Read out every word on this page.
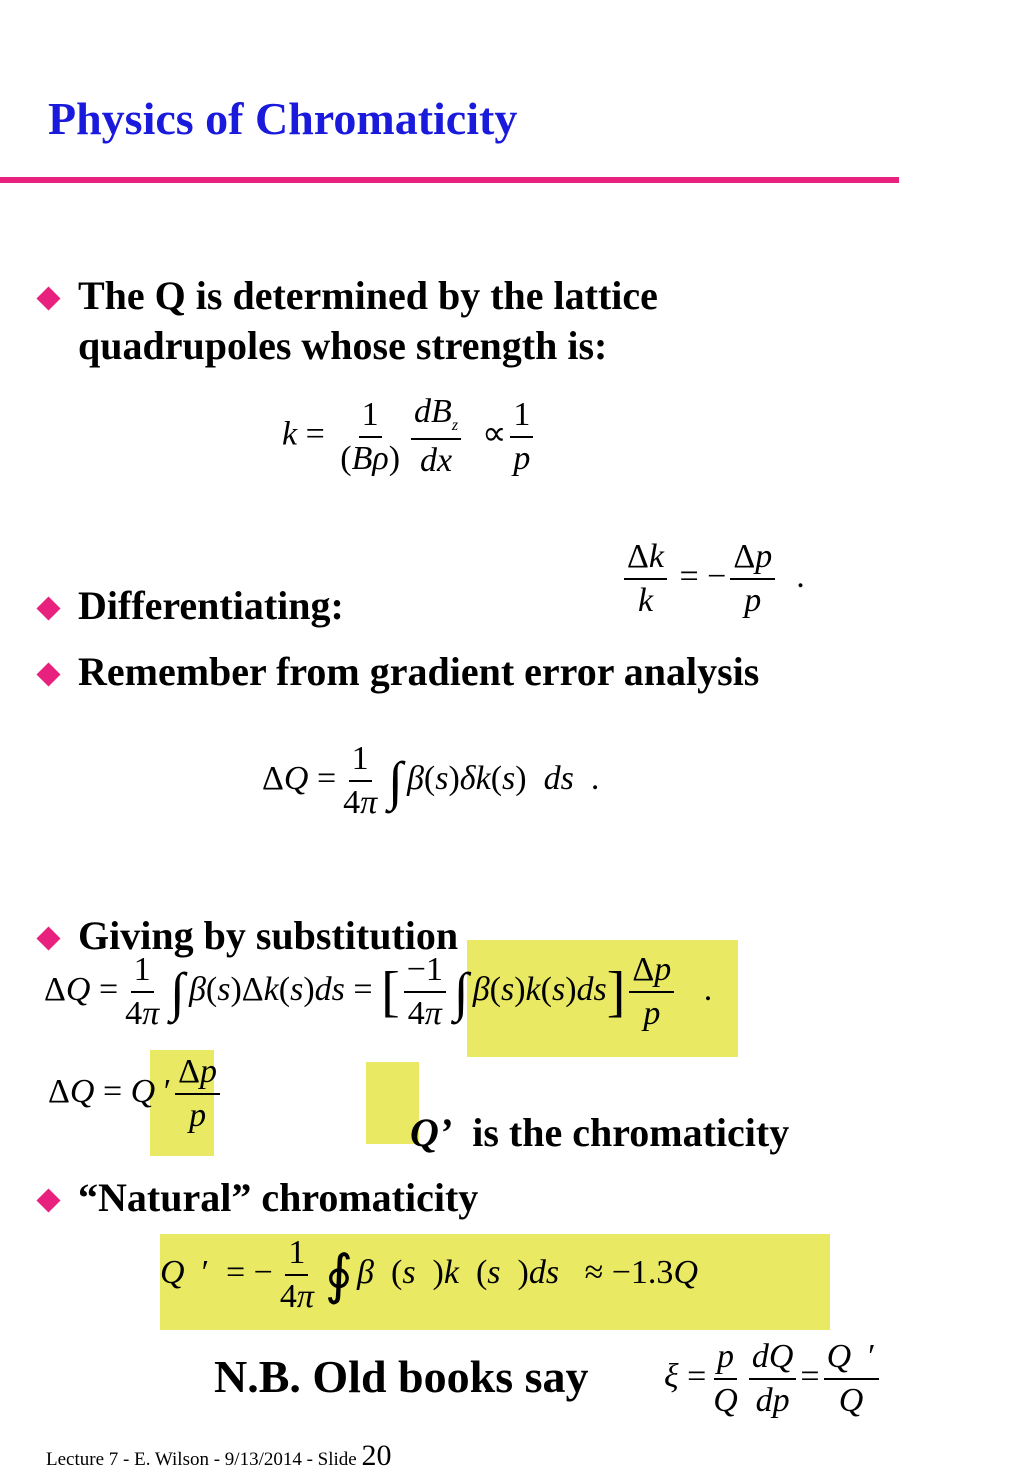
Physics of Chromaticity
The Q is determined by the lattice
quadrupoles whose strength is:
$k = \frac{1}{(B\rho)} \frac{dB_z}{dx} \propto \frac{1}{p}$
Differentiating:	$\frac{\Delta k}{k}$ = − $\frac{\Delta p}{p}$ .
Remember from gradient error analysis
$\Delta Q = \frac{1}{4\pi}$ ∫ β(s)δk(s)  ds  .
Giving by substitution
$\Delta Q = \frac{1}{4\pi}$ ∫ β(s)Δk(s)ds = [ $\frac{-1}{4\pi}$ ∫ $\beta(s)k(s)ds] \frac{\Delta p}{p}$ .
ΔQ = Q ′ $\frac{\Delta p}{p}$	Q’ is the chromaticity
“Natural” chromaticity
Q  ′  = − $\frac{1}{4\pi}$ ∮ β  (s  )k  (s  )ds   ≈ −1.3Q
N.B. Old books say $\xi = \frac{p}{Q} \frac{dQ}{dp} = \frac{Q '}{Q}$
Lecture 7 - E. Wilson - 9/13/2014 - Slide 20
